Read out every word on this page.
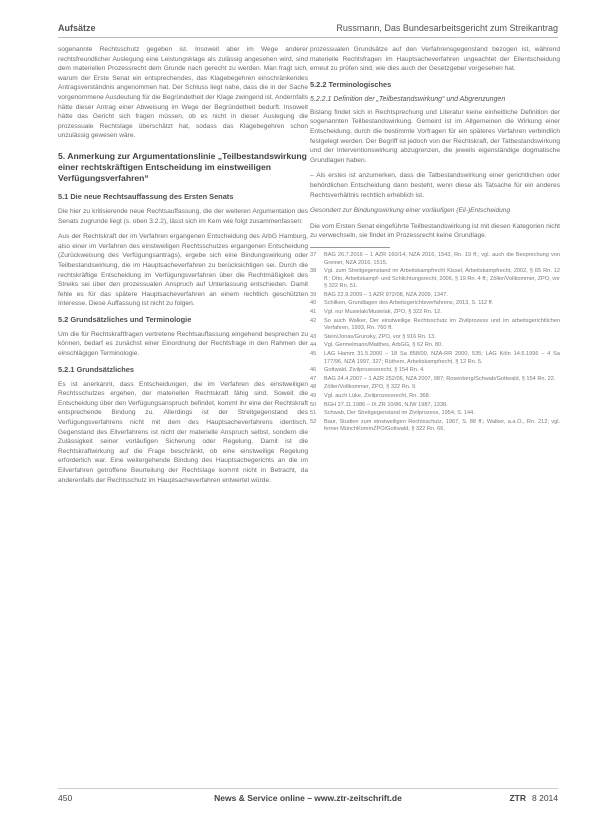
Aufsätze	Russmann, Das Bundesarbeitsgericht zum Streikantrag

sogenannte Rechtsschutz gegeben ist. Insoweit aber im Wege anderer rechtsfreundlicher Auslegung eine Leistungsklage als zulässig angesehen wird, sind dem materiellen Prozessrecht dem Grunde nach gerecht zu werden. Man fragt sich, warum der Erste Senat ein entsprechendes, das Klagebegehren einschränkendes Antragsverständnis angenommen hat. Der Schluss liegt nahe, dass die in der Sache vorgenommene Ausdeutung für die Begründetheit der Klage zwingend ist. Andernfalls hätte dieser Antrag einer Abweisung im Wege der Begründetheit bedurft. Insoweit hätte das Gericht sich fragen müssen, ob es nicht in dieser Auslegung die prozessuale Rechtslage überschätzt hat, sodass das Klagebegehren schon unzulässig gewesen wäre.

5. Anmerkung zur Argumentationslinie „Teilbestandswirkung einer rechtskräftigen Entscheidung im einstweiligen Verfügungsverfahren“
5.1 Die neue Rechtsauffassung des Ersten Senats

Die hier zu kritisierende neue Rechtsauffassung, die der weiteren Argumentation des Senats zugrunde liegt (s. oben 3.2.2), lässt sich im Kern wie folgt zusammenfassen:

Aus der Rechtskraft der im Verfahren ergangenen Entscheidung des ArbG Hamburg, also einer im Verfahren des einstweiligen Rechtsschutzes ergangenen Entscheidung (Zurückweisung des Verfügungsantrags), ergebe sich eine Bindungswirkung oder Teilbestandswirkung, die im Hauptsacheverfahren zu berücksichtigen sei. Durch die rechtskräftige Entscheidung im Verfügungsverfahren über die Rechtmäßigkeit des Streiks sei über den prozessualen Anspruch auf Unterlassung entschieden. Damit fehle es für das spätere Hauptsacheverfahren an einem rechtlich geschützten Interesse. Diese Auffassung ist nicht zu folgen.

5.2 Grundsätzliches und Terminologie

Um die für Rechtskraftfragen vertretene Rechtsauffassung eingehend besprechen zu können, bedarf es zunächst einer Einordnung der Rechtsfrage in den Rahmen der einschlägigen Terminologie.

5.2.1 Grundsätzliches

Es ist anerkannt, dass Entscheidungen, die im Verfahren des einstweiligen Rechtsschutzes ergehen, der materiellen Rechtskraft fähig sind. Soweit die Entscheidung über den Verfügungsanspruch befindet, kommt ihr eine der Rechtskraft entsprechende Bindung zu. Allerdings ist der Streitgegenstand des Verfügungsverfahrens nicht mit dem des Hauptsacheverfahrens identisch. Gegenstand des Eilverfahrens ist nicht der materielle Anspruch selbst, sondern die Zulässigkeit seiner vorläufigen Sicherung oder Regelung. Damit ist die Rechtskraftwirkung auf die Frage beschränkt, ob eine einstweilige Regelung erforderlich war. Eine weitergehende Bindung des Hauptsachegerichts an die im Eilverfahren getroffene Beurteilung der Rechtslage kommt nicht in Betracht, da anderenfalls der Rechtsschutz im Hauptsacheverfahren entwertet würde.

prozessualen Grundsätze auf den Verfahrensgegenstand bezogen ist, während materielle Rechtsfragen im Hauptsacheverfahren ungeachtet der Eilentscheidung erneut zu prüfen sind, wie dies auch der Gesetzgeber vorgesehen hat.

5.2.2 Terminologisches
5.2.2.1 Definition der „Teilbestandswirkung“ und Abgrenzungen

Bislang findet sich in Rechtsprechung und Literatur keine einheitliche Definition der sogenannten Teilbestandswirkung. Gemeint ist im Allgemeinen die Wirkung einer Entscheidung, durch die bestimmte Vorfragen für ein späteres Verfahren verbindlich festgelegt werden. Der Begriff ist jedoch von der Rechtskraft, der Tatbestandswirkung und der Interventionswirkung abzugrenzen, die jeweils eigenständige dogmatische Grundlagen haben.

– Als erstes ist anzumerken, dass die Tatbestandswirkung einer gerichtlichen oder behördlichen Entscheidung dann besteht, wenn diese als Tatsache für ein anderes Rechtsverhältnis rechtlich erheblich ist.

Gesondert zur Bindungswirkung einer vorläufigen (Eil-)Entscheidung

Die vom Ersten Senat eingeführte Teilbestandswirkung ist mit diesen Kategorien nicht zu verwechseln, sie findet im Prozessrecht keine Grundlage.

37	BAG 26.7.2016 – 1 AZR 160/14, NZA 2016, 1543, Rn. 19 ff.; vgl. auch die Besprechung von Greiner, NZA 2016, 1515.
38	Vgl. zum Streitgegenstand im Arbeitskampfrecht Kissel, Arbeitskampfrecht, 2002, § 65 Rn. 12 ff.; Otto, Arbeitskampf- und Schlichtungsrecht, 2006, § 19 Rn. 4 ff.; Zöller/Vollkommer, ZPO, vor § 322 Rn. 51.
39	BAG 22.9.2009 – 1 AZR 972/08, NZA 2009, 1347.
40	Schilken, Grundlagen des Arbeitsgerichtsverfahrens, 2013, S. 112 ff.
41	Vgl. nur Musielak/Musielak, ZPO, § 322 Rn. 12.
42	So auch Walker, Der einstweilige Rechtsschutz im Zivilprozess und im arbeitsgerichtlichen Verfahren, 1993, Rn. 760 ff.
43	Stein/Jonas/Grunsky, ZPO, vor § 916 Rn. 13.
44	Vgl. Germelmann/Matthes, ArbGG, § 62 Rn. 80.
45	LAG Hamm 31.5.2000 – 18 Sa 858/00, NZA-RR 2000, 535; LAG Köln 14.6.1996 – 4 Sa 177/96, NZA 1997, 327; Rüthers, Arbeitskampfrecht, § 12 Rn. 5.
46	Gottwald, Zivilprozessrecht, § 154 Rn. 4.
47	BAG 24.4.2007 – 1 AZR 252/06, NZA 2007, 987; Rosenberg/Schwab/Gottwald, § 154 Rn. 22.
48	Zöller/Vollkommer, ZPO, § 322 Rn. 9.
49	Vgl. auch Lüke, Zivilprozessrecht, Rn. 368.
50	BGH 27.11.1986 – IX ZR 10/86, NJW 1987, 1338.
51	Schwab, Der Streitgegenstand im Zivilprozess, 1954, S. 144.
52	Baur, Studien zum einstweiligen Rechtsschutz, 1967, S. 88 ff.; Walker, a.a.O., Rn. 212; vgl. ferner MünchKommZPO/Gottwald, § 322 Rn. 66.
450	News & Service online – www.ztr-zeitschrift.de	ZTR 8 2014
